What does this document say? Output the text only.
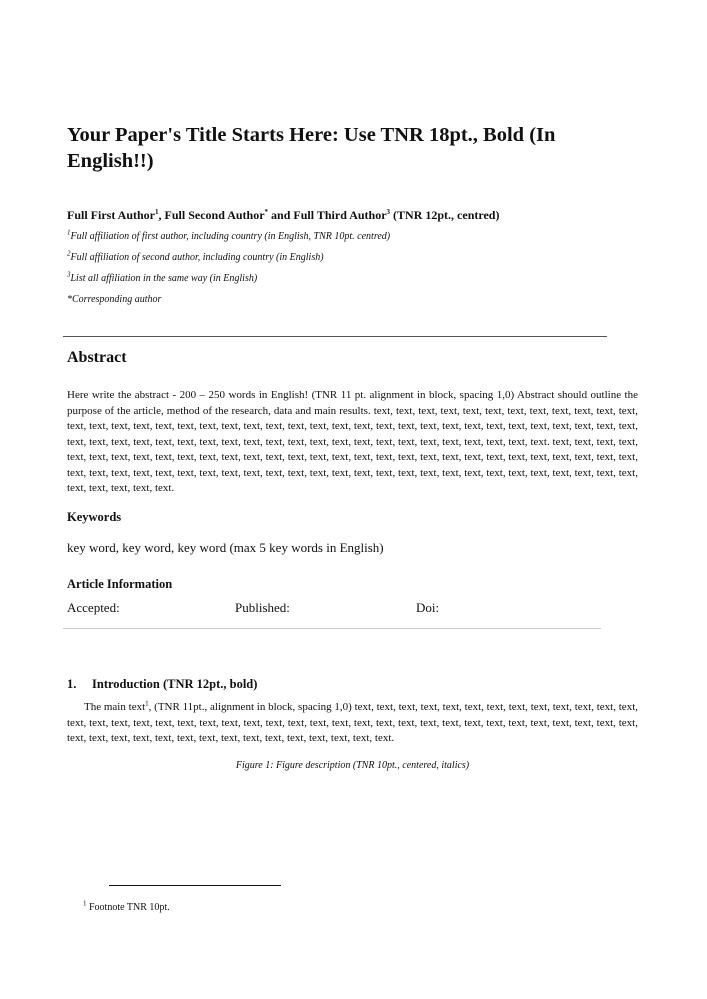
Your Paper's Title Starts Here: Use TNR 18pt., Bold (In English!!)
Full First Author$^1$, Full Second Author* and Full Third Author$^3$ (TNR 12pt., centred)
$^1$Full affiliation of first author, including country (in English, TNR 10pt. centred)
$^2$Full affiliation of second author, including country (in English)
$^3$List all affiliation in the same way (in English)
*Corresponding author
Abstract
Here write the abstract - 200 – 250 words in English! (TNR 11 pt. alignment in block, spacing 1,0) Abstract should outline the purpose of the article, method of the research, data and main results. text, text, text, text, text, text, text, text, text, text, text, text, text, text, text, text, text, text, text, text, text, text, text, text, text, text, text, text, text, text, text, text, text, text, text, text, text, text, text, text, text, text, text, text, text, text, text, text, text, text, text, text, text, text, text, text, text, text, text, text. text, text, text, text, text, text, text, text, text, text, text, text, text, text, text, text, text, text, text, text, text, text, text, text, text, text, text, text, text, text, text, text, text, text, text, text, text, text, text, text, text, text, text, text, text, text, text, text, text, text, text, text, text, text, text, text, text, text, text, text, text.
Keywords
key word, key word, key word (max 5 key words in English)
Article Information
Accepted:	Published:	Doi:
1. Introduction (TNR 12pt., bold)
The main text$^1$, (TNR 11pt., alignment in block, spacing 1,0) text, text, text, text, text, text, text, text, text, text, text, text, text, text, text, text, text, text, text, text, text, text, text, text, text, text, text, text, text, text, text, text, text, text, text, text, text, text, text, text, text, text, text, text, text, text, text, text, text, text, text, text, text, text.
Figure 1: Figure description (TNR 10pt., centered, italics)
$^1$ Footnote TNR 10pt.
